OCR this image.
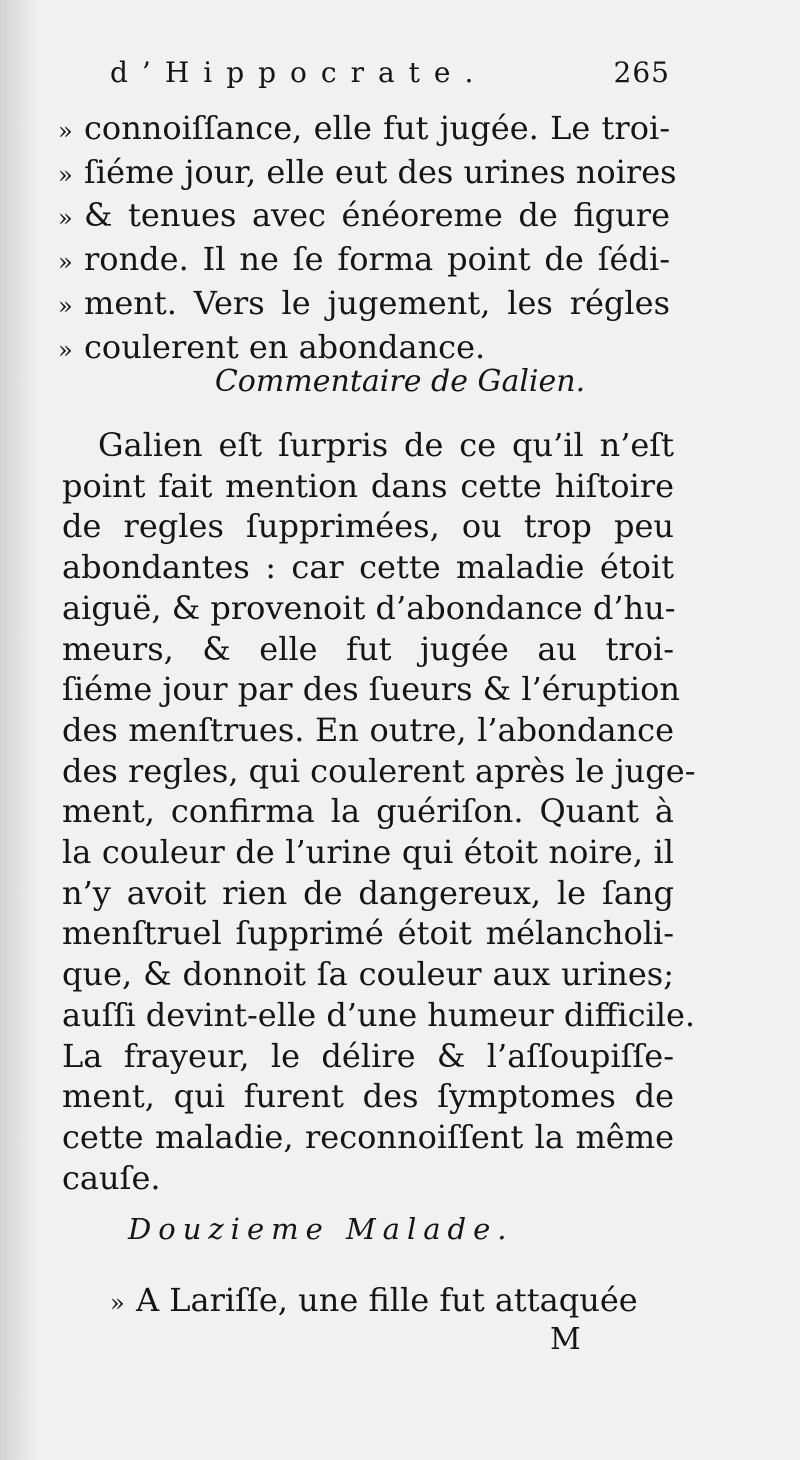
d’Hippocrate.	265
» connoiſſance, elle fut jugée. Le troi-
» ſiéme jour, elle eut des urines noires
» & tenues avec énéoreme de figure
» ronde. Il ne ſe forma point de ſédi-
» ment. Vers le jugement, les régles
» coulerent en abondance.
Commentaire de Galien.
Galien eſt ſurpris de ce qu’il n’eſt
point fait mention dans cette hiſtoire
de regles ſupprimées, ou trop peu
abondantes : car cette maladie étoit
aiguë, & provenoit d’abondance d’hu-
meurs, & elle fut jugée au troi-
ſiéme jour par des ſueurs & l’éruption
des menſtrues. En outre, l’abondance
des regles, qui coulerent après le juge-
ment, confirma la guériſon. Quant à
la couleur de l’urine qui étoit noire, il
n’y avoit rien de dangereux, le ſang
menſtruel ſupprimé étoit mélancholi-
que, & donnoit ſa couleur aux urines;
auſſi devint-elle d’une humeur difficile.
La frayeur, le délire & l’aſſoupiſſe-
ment, qui furent des ſymptomes de
cette maladie, reconnoiſſent la même
cauſe.
Douzieme Malade.
» A Lariſſe, une fille fut attaquée
M
